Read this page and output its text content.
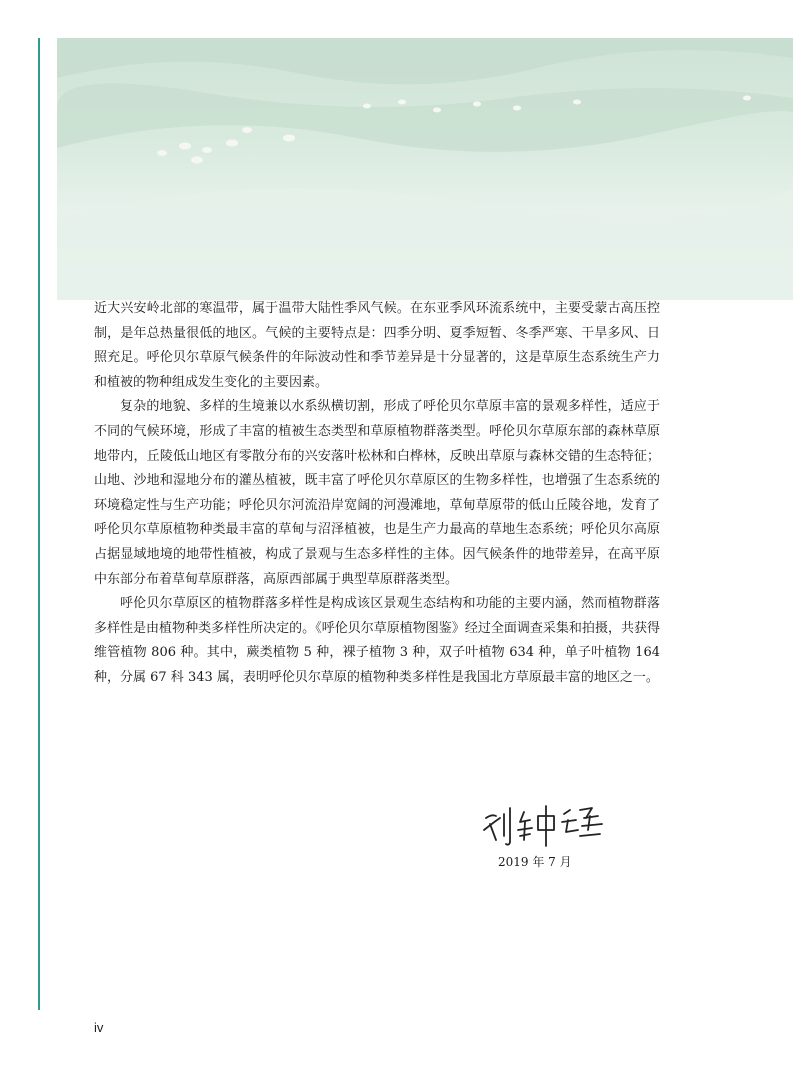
近大兴安岭北部的寒温带，属于温带大陆性季风气候。在东亚季风环流系统中，主要受蒙古高压控制，是年总热量很低的地区。气候的主要特点是：四季分明、夏季短暂、冬季严寒、干旱多风、日照充足。呼伦贝尔草原气候条件的年际波动性和季节差异是十分显著的，这是草原生态系统生产力和植被的物种组成发生变化的主要因素。

复杂的地貌、多样的生境兼以水系纵横切割，形成了呼伦贝尔草原丰富的景观多样性，适应于不同的气候环境，形成了丰富的植被生态类型和草原植物群落类型。呼伦贝尔草原东部的森林草原地带内，丘陵低山地区有零散分布的兴安落叶松林和白桦林，反映出草原与森林交错的生态特征；山地、沙地和湿地分布的灌丛植被，既丰富了呼伦贝尔草原区的生物多样性，也增强了生态系统的环境稳定性与生产功能；呼伦贝尔河流沿岸宽阔的河漫滩地，草甸草原带的低山丘陵谷地，发育了呼伦贝尔草原植物种类最丰富的草甸与沼泽植被，也是生产力最高的草地生态系统；呼伦贝尔高原占据显域地境的地带性植被，构成了景观与生态多样性的主体。因气候条件的地带差异，在高平原中东部分布着草甸草原群落，高原西部属于典型草原群落类型。

呼伦贝尔草原区的植物群落多样性是构成该区景观生态结构和功能的主要内涵，然而植物群落多样性是由植物种类多样性所决定的。《呼伦贝尔草原植物图鉴》经过全面调查采集和拍摄，共获得维管植物 806 种。其中，蕨类植物 5 种，裸子植物 3 种，双子叶植物 634 种，单子叶植物 164 种，分属 67 科 343 属，表明呼伦贝尔草原的植物种类多样性是我国北方草原最丰富的地区之一。

2019 年 7 月
iv
